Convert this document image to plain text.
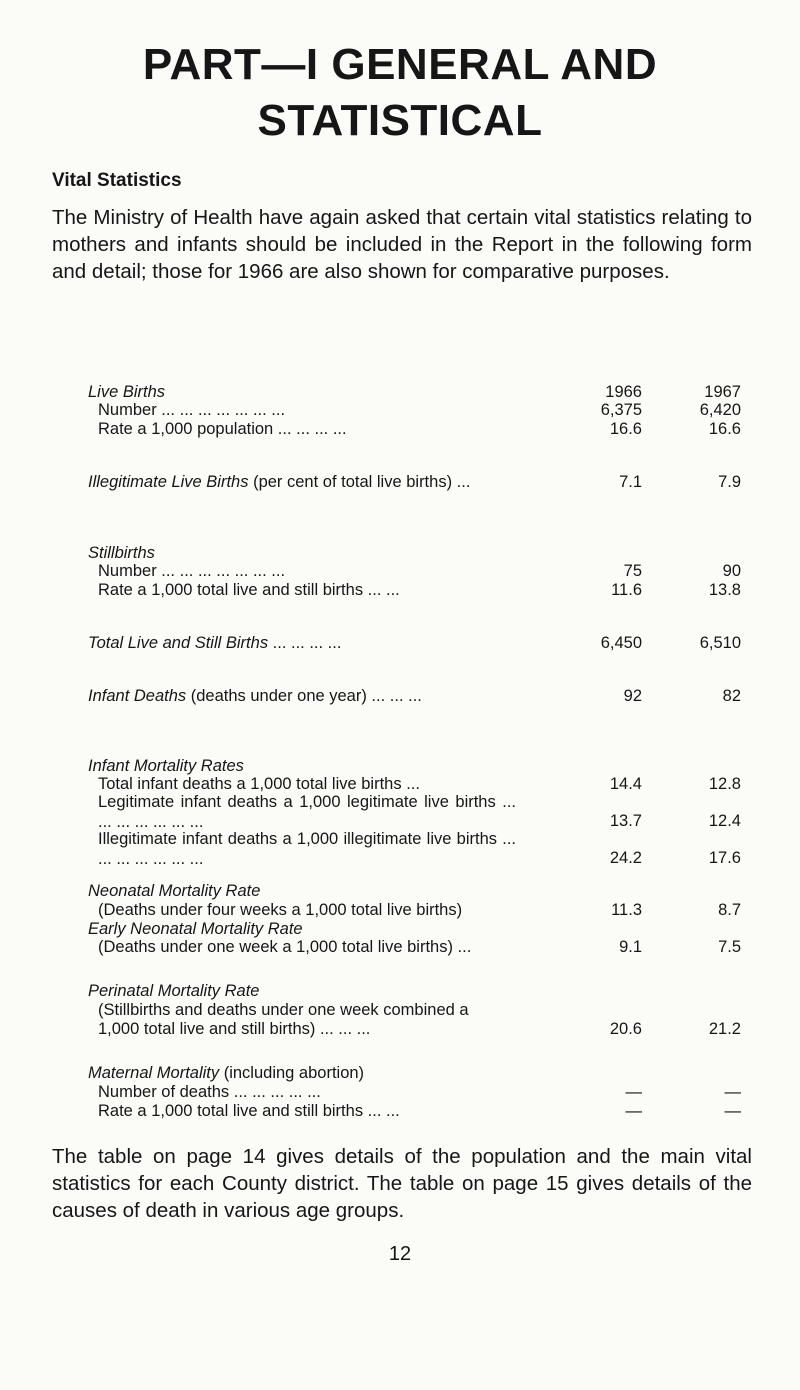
PART—I GENERAL AND
STATISTICAL
Vital Statistics

The Ministry of Health have again asked that certain vital statistics relating to mothers and infants should be included in the Report in the following form and detail; those for 1966 are also shown for comparative purposes.

Live Births	1966	1967
Number ... ... ... ... ... ... ...	6,375	6,420
Rate a 1,000 population ... ... ... ...	16.6	16.6
Illegitimate Live Births (per cent of total live births) ...	7.1	7.9
Stillbirths
Number ... ... ... ... ... ... ...	75	90
Rate a 1,000 total live and still births ... ...	11.6	13.8
Total Live and Still Births ... ... ... ...	6,450	6,510
Infant Deaths (deaths under one year) ... ... ...	92	82
Infant Mortality Rates
Total infant deaths a 1,000 total live births ...	14.4	12.8
Legitimate infant deaths a 1,000 legitimate live births ... ... ... ... ... ... ...	13.7	12.4
Illegitimate infant deaths a 1,000 illegitimate live births ... ... ... ... ... ... ...	24.2	17.6
Neonatal Mortality Rate
(Deaths under four weeks a 1,000 total live births)	11.3	8.7
Early Neonatal Mortality Rate
(Deaths under one week a 1,000 total live births) ...	9.1	7.5
Perinatal Mortality Rate
(Stillbirths and deaths under one week combined a
1,000 total live and still births) ... ... ...	20.6	21.2
Maternal Mortality (including abortion)
Number of deaths ... ... ... ... ...	—	—
Rate a 1,000 total live and still births ... ...	—	—

The table on page 14 gives details of the population and the main vital statistics for each County district. The table on page 15 gives details of the causes of death in various age groups.

12
